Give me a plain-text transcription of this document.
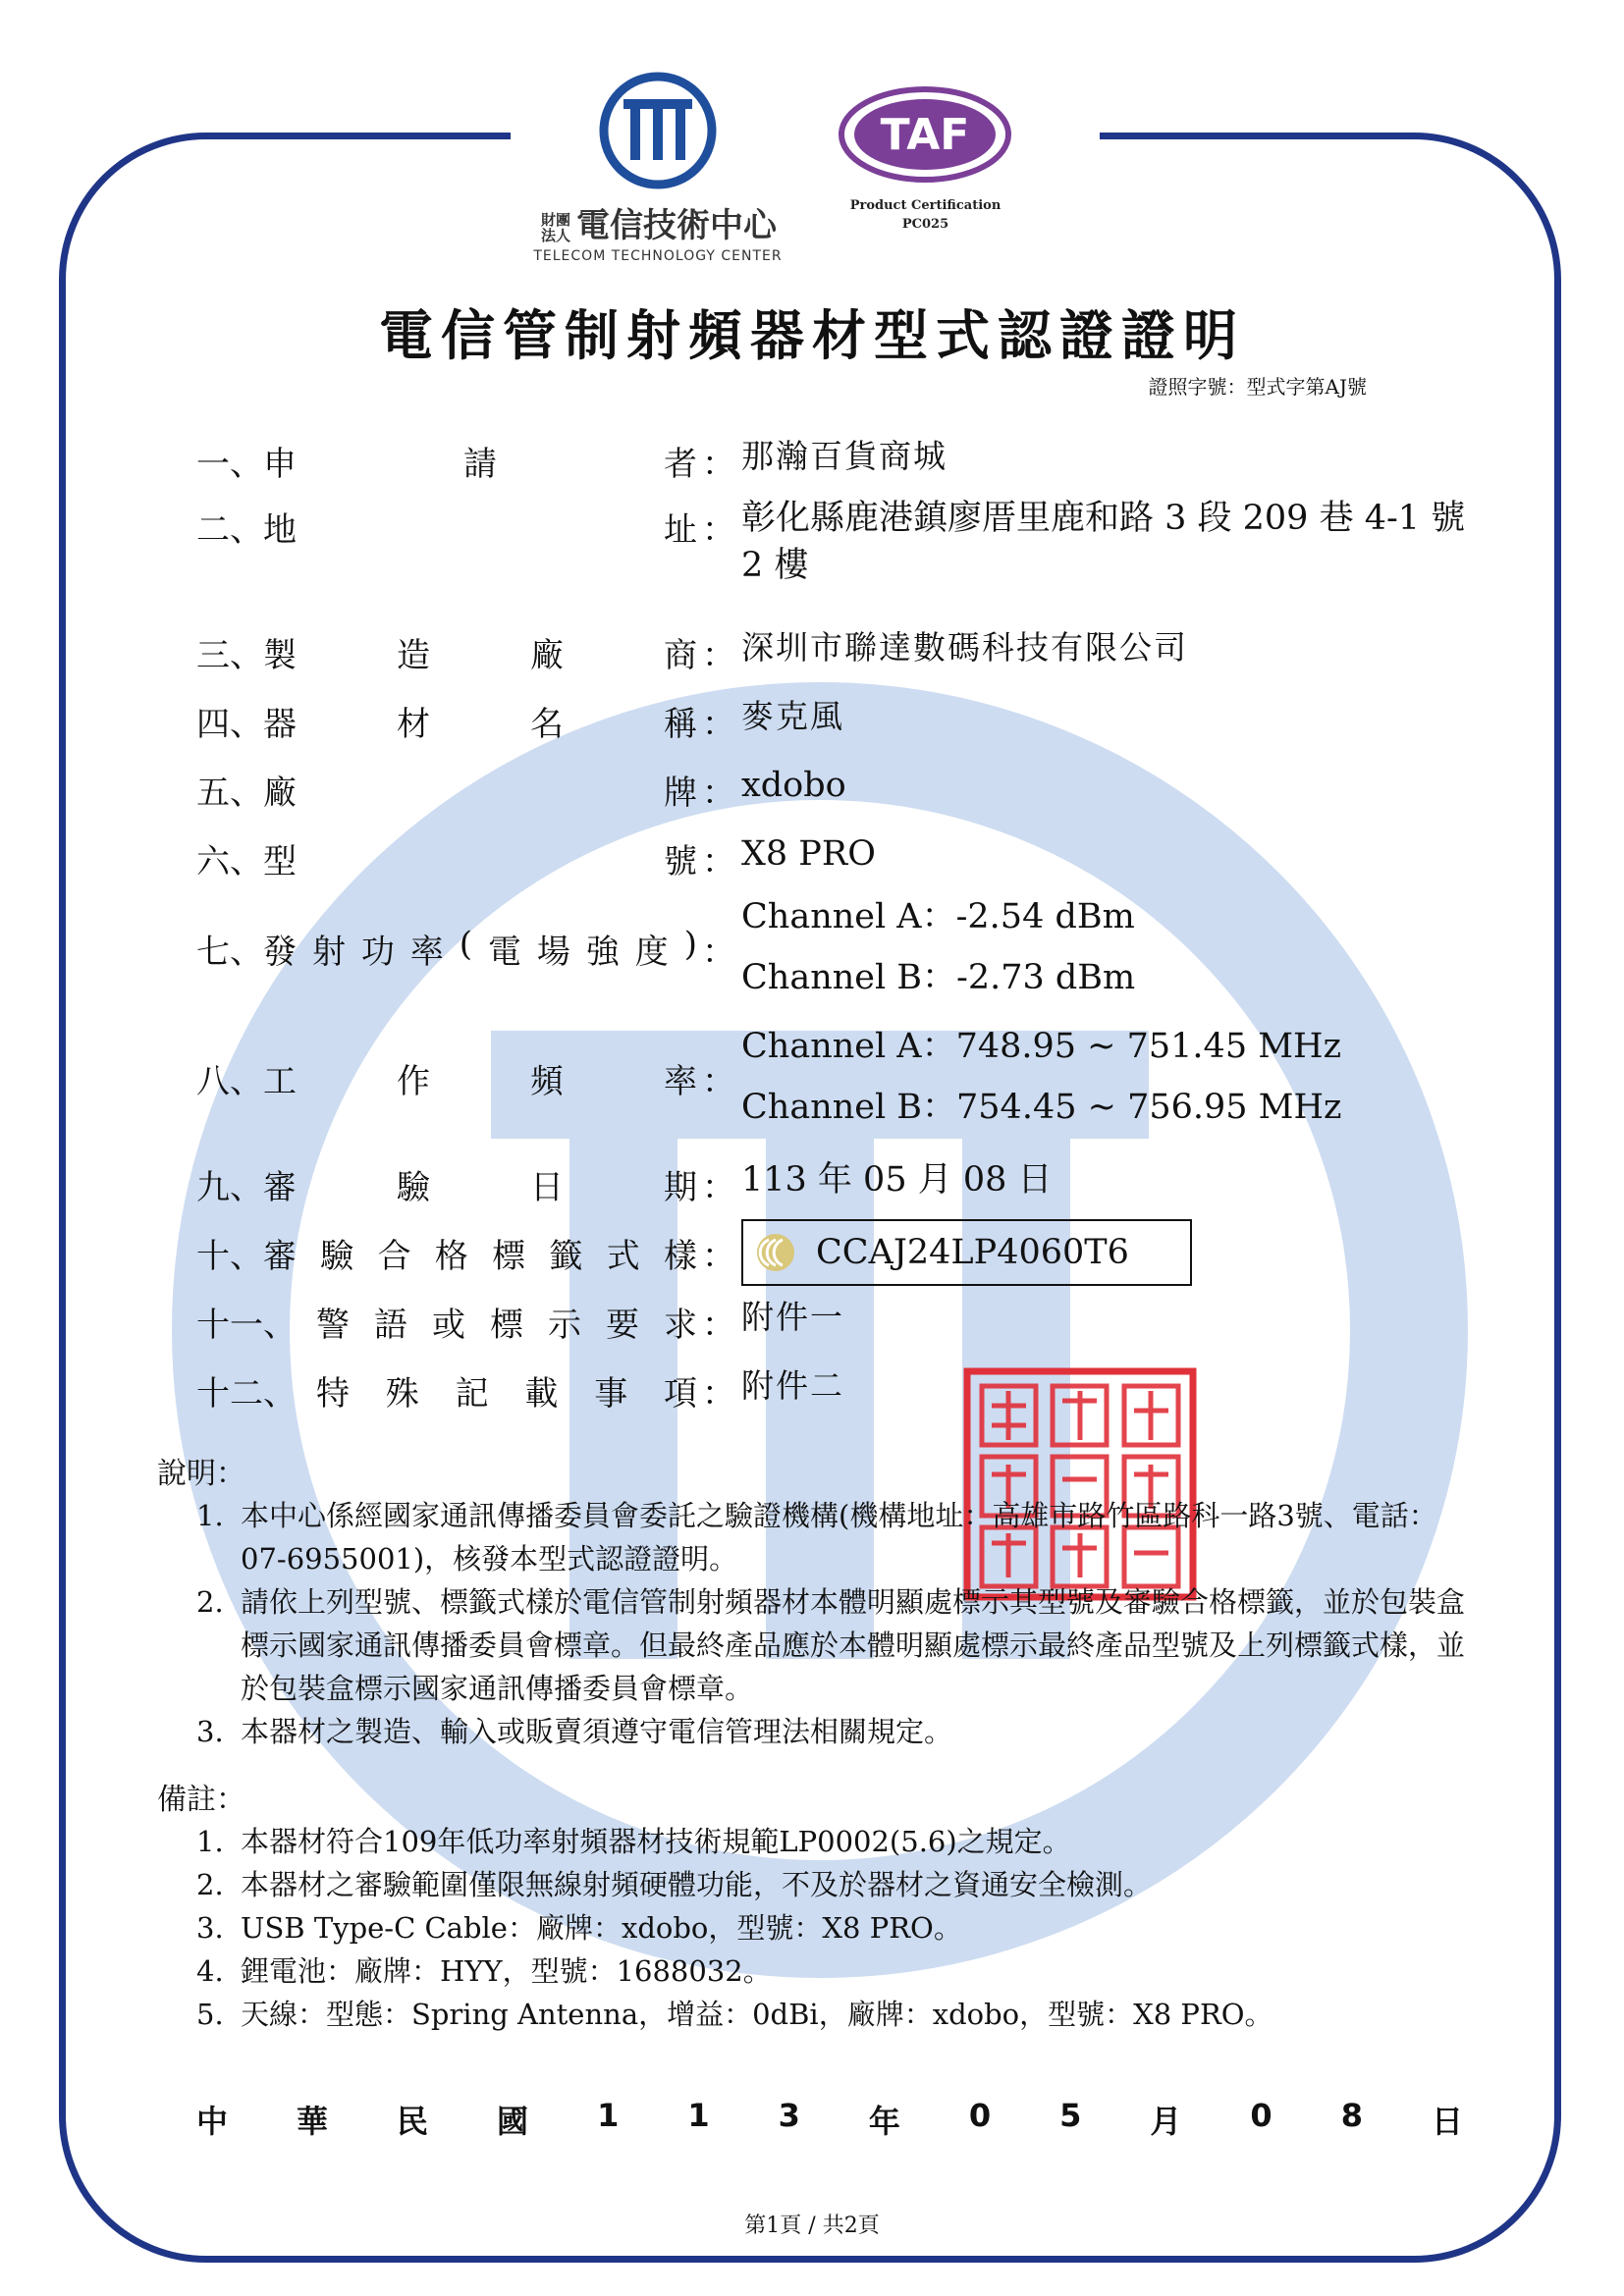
財團法人 電信技術中心
TELECOM TECHNOLOGY CENTER
TAF
Product Certification
PC025
電信管制射頻器材型式認證證明
證照字號：型式字第AJ號
一、 申	請	者 ： 那瀚百貨商城
二、 地	址 ： 彰化縣鹿港鎮廖厝里鹿和路 3 段 209 巷 4-1 號 2 樓
三、 製	造	廠	商 ： 深圳市聯達數碼科技有限公司
四、 器	材	名	稱 ： 麥克風
五、 廠	牌 ： xdobo
六、 型	號 ： X8 PRO
七、 發 射 功 率 ( 電 場 強 度 ) ：
Channel A：-2.54 dBm
Channel B：-2.73 dBm
八、 工	作	頻	率 ：
Channel A：748.95 ~ 751.45 MHz
Channel B：754.45 ~ 756.95 MHz
九、 審	驗	日	期 ： 113 年 05 月 08 日
十、 審 驗 合 格 標 籤 式 樣 ： CCAJ24LP4060T6
十一、 警 語 或 標 示 要 求 ： 附件一
十二、 特 殊 記 載 事 項 ： 附件二
說明：
1. 本中心係經國家通訊傳播委員會委託之驗證機構(機構地址：高雄市路竹區路科一路3號、電話：07-6955001)，核發本型式認證證明。
2. 請依上列型號、標籤式樣於電信管制射頻器材本體明顯處標示其型號及審驗合格標籤，並於包裝盒標示國家通訊傳播委員會標章。但最終產品應於本體明顯處標示最終產品型號及上列標籤式樣，並於包裝盒標示國家通訊傳播委員會標章。
3. 本器材之製造、輸入或販賣須遵守電信管理法相關規定。
備註：
1. 本器材符合109年低功率射頻器材技術規範LP0002(5.6)之規定。
2. 本器材之審驗範圍僅限無線射頻硬體功能，不及於器材之資通安全檢測。
3. USB Type-C Cable：廠牌：xdobo，型號：X8 PRO。
4. 鋰電池：廠牌：HYY，型號：1688032。
5. 天線：型態：Spring Antenna，增益：0dBi，廠牌：xdobo，型號：X8 PRO。
中 華 民 國 1 1 3 年 0 5 月 0 8 日
第1頁 / 共2頁
